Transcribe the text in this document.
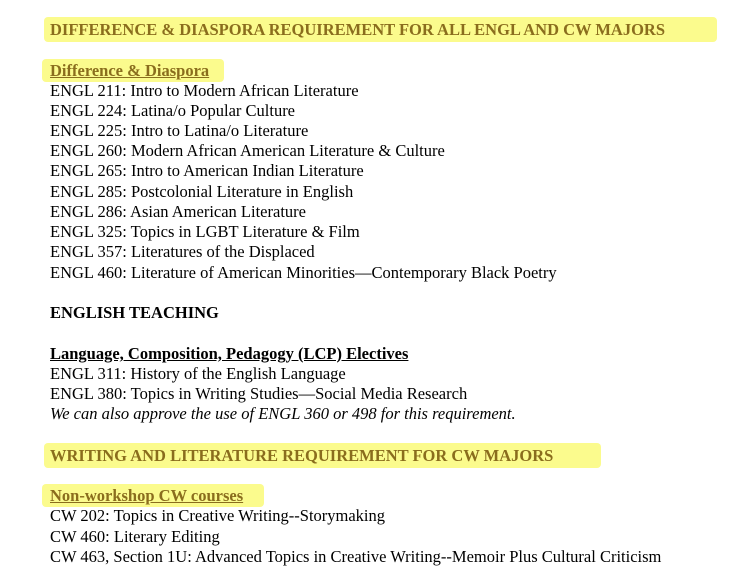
DIFFERENCE & DIASPORA REQUIREMENT FOR ALL ENGL AND CW MAJORS
Difference & Diaspora
ENGL 211: Intro to Modern African Literature
ENGL 224: Latina/o Popular Culture
ENGL 225: Intro to Latina/o Literature
ENGL 260: Modern African American Literature & Culture
ENGL 265: Intro to American Indian Literature
ENGL 285: Postcolonial Literature in English
ENGL 286: Asian American Literature
ENGL 325: Topics in LGBT Literature & Film
ENGL 357: Literatures of the Displaced
ENGL 460: Literature of American Minorities—Contemporary Black Poetry
ENGLISH TEACHING
Language, Composition, Pedagogy (LCP) Electives
ENGL 311: History of the English Language
ENGL 380: Topics in Writing Studies—Social Media Research
We can also approve the use of ENGL 360 or 498 for this requirement.
WRITING AND LITERATURE REQUIREMENT FOR CW MAJORS
Non-workshop CW courses
CW 202: Topics in Creative Writing--Storymaking
CW 460: Literary Editing
CW 463, Section 1U: Advanced Topics in Creative Writing--Memoir Plus Cultural Criticism
